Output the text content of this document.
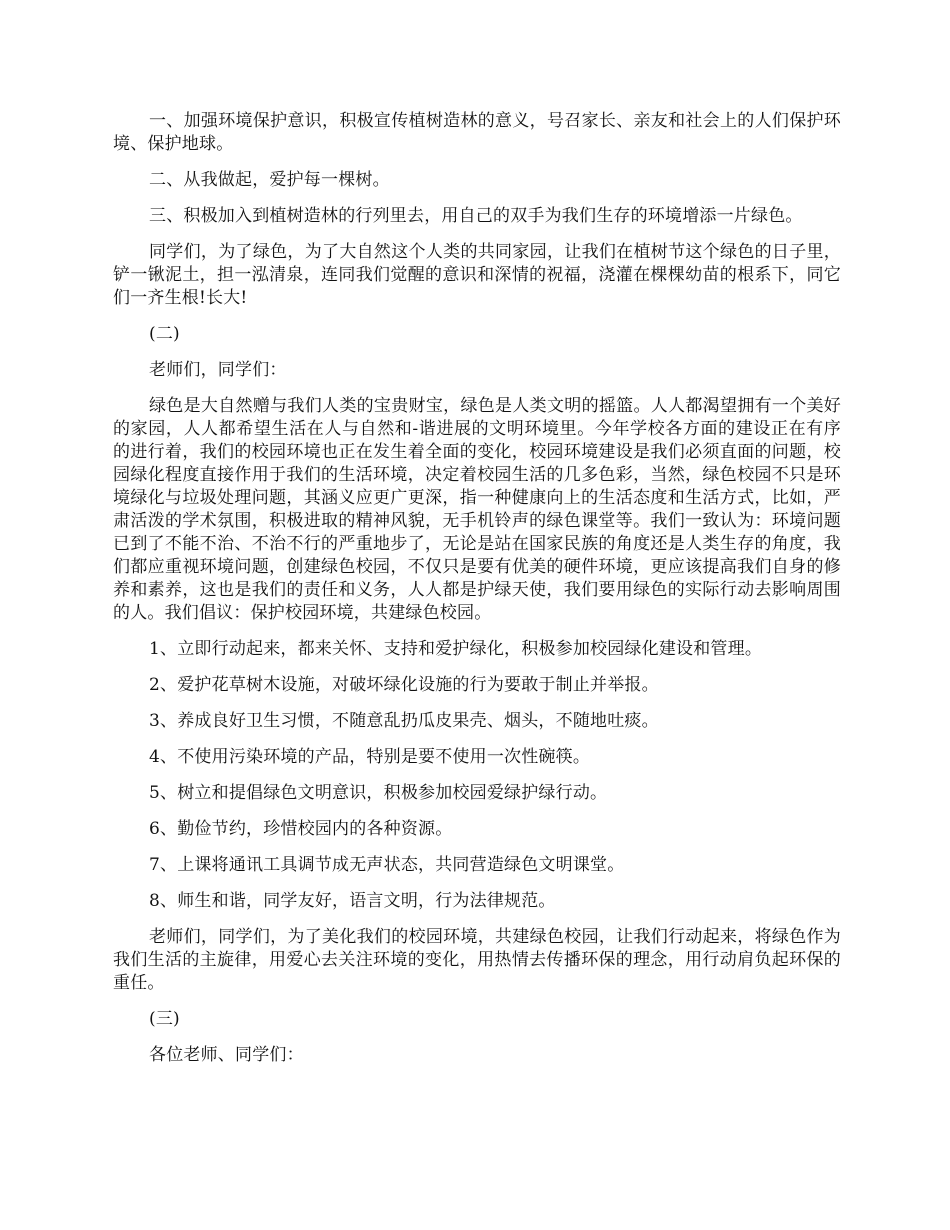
一、加强环境保护意识，积极宣传植树造林的意义，号召家长、亲友和社会上的人们保护环境、保护地球。

二、从我做起，爱护每一棵树。

三、积极加入到植树造林的行列里去，用自己的双手为我们生存的环境增添一片绿色。

同学们，为了绿色，为了大自然这个人类的共同家园，让我们在植树节这个绿色的日子里，铲一锹泥土，担一泓清泉，连同我们觉醒的意识和深情的祝福，浇灌在棵棵幼苗的根系下，同它们一齐生根!长大!

(二)

老师们，同学们：

绿色是大自然赠与我们人类的宝贵财宝，绿色是人类文明的摇篮。人人都渴望拥有一个美好的家园，人人都希望生活在人与自然和-谐进展的文明环境里。今年学校各方面的建设正在有序的进行着，我们的校园环境也正在发生着全面的变化，校园环境建设是我们必须直面的问题，校园绿化程度直接作用于我们的生活环境，决定着校园生活的几多色彩，当然，绿色校园不只是环境绿化与垃圾处理问题，其涵义应更广更深，指一种健康向上的生活态度和生活方式，比如，严肃活泼的学术氛围，积极进取的精神风貌，无手机铃声的绿色课堂等。我们一致认为：环境问题已到了不能不治、不治不行的严重地步了，无论是站在国家民族的角度还是人类生存的角度，我们都应重视环境问题，创建绿色校园，不仅只是要有优美的硬件环境，更应该提高我们自身的修养和素养，这也是我们的责任和义务，人人都是护绿天使，我们要用绿色的实际行动去影响周围的人。我们倡议：保护校园环境，共建绿色校园。

1、立即行动起来，都来关怀、支持和爱护绿化，积极参加校园绿化建设和管理。

2、爱护花草树木设施，对破坏绿化设施的行为要敢于制止并举报。

3、养成良好卫生习惯，不随意乱扔瓜皮果壳、烟头，不随地吐痰。

4、不使用污染环境的产品，特别是要不使用一次性碗筷。

5、树立和提倡绿色文明意识，积极参加校园爱绿护绿行动。

6、勤俭节约，珍惜校园内的各种资源。

7、上课将通讯工具调节成无声状态，共同营造绿色文明课堂。

8、师生和谐，同学友好，语言文明，行为法律规范。

老师们，同学们，为了美化我们的校园环境，共建绿色校园，让我们行动起来，将绿色作为我们生活的主旋律，用爱心去关注环境的变化，用热情去传播环保的理念，用行动肩负起环保的重任。

(三)

各位老师、同学们：
